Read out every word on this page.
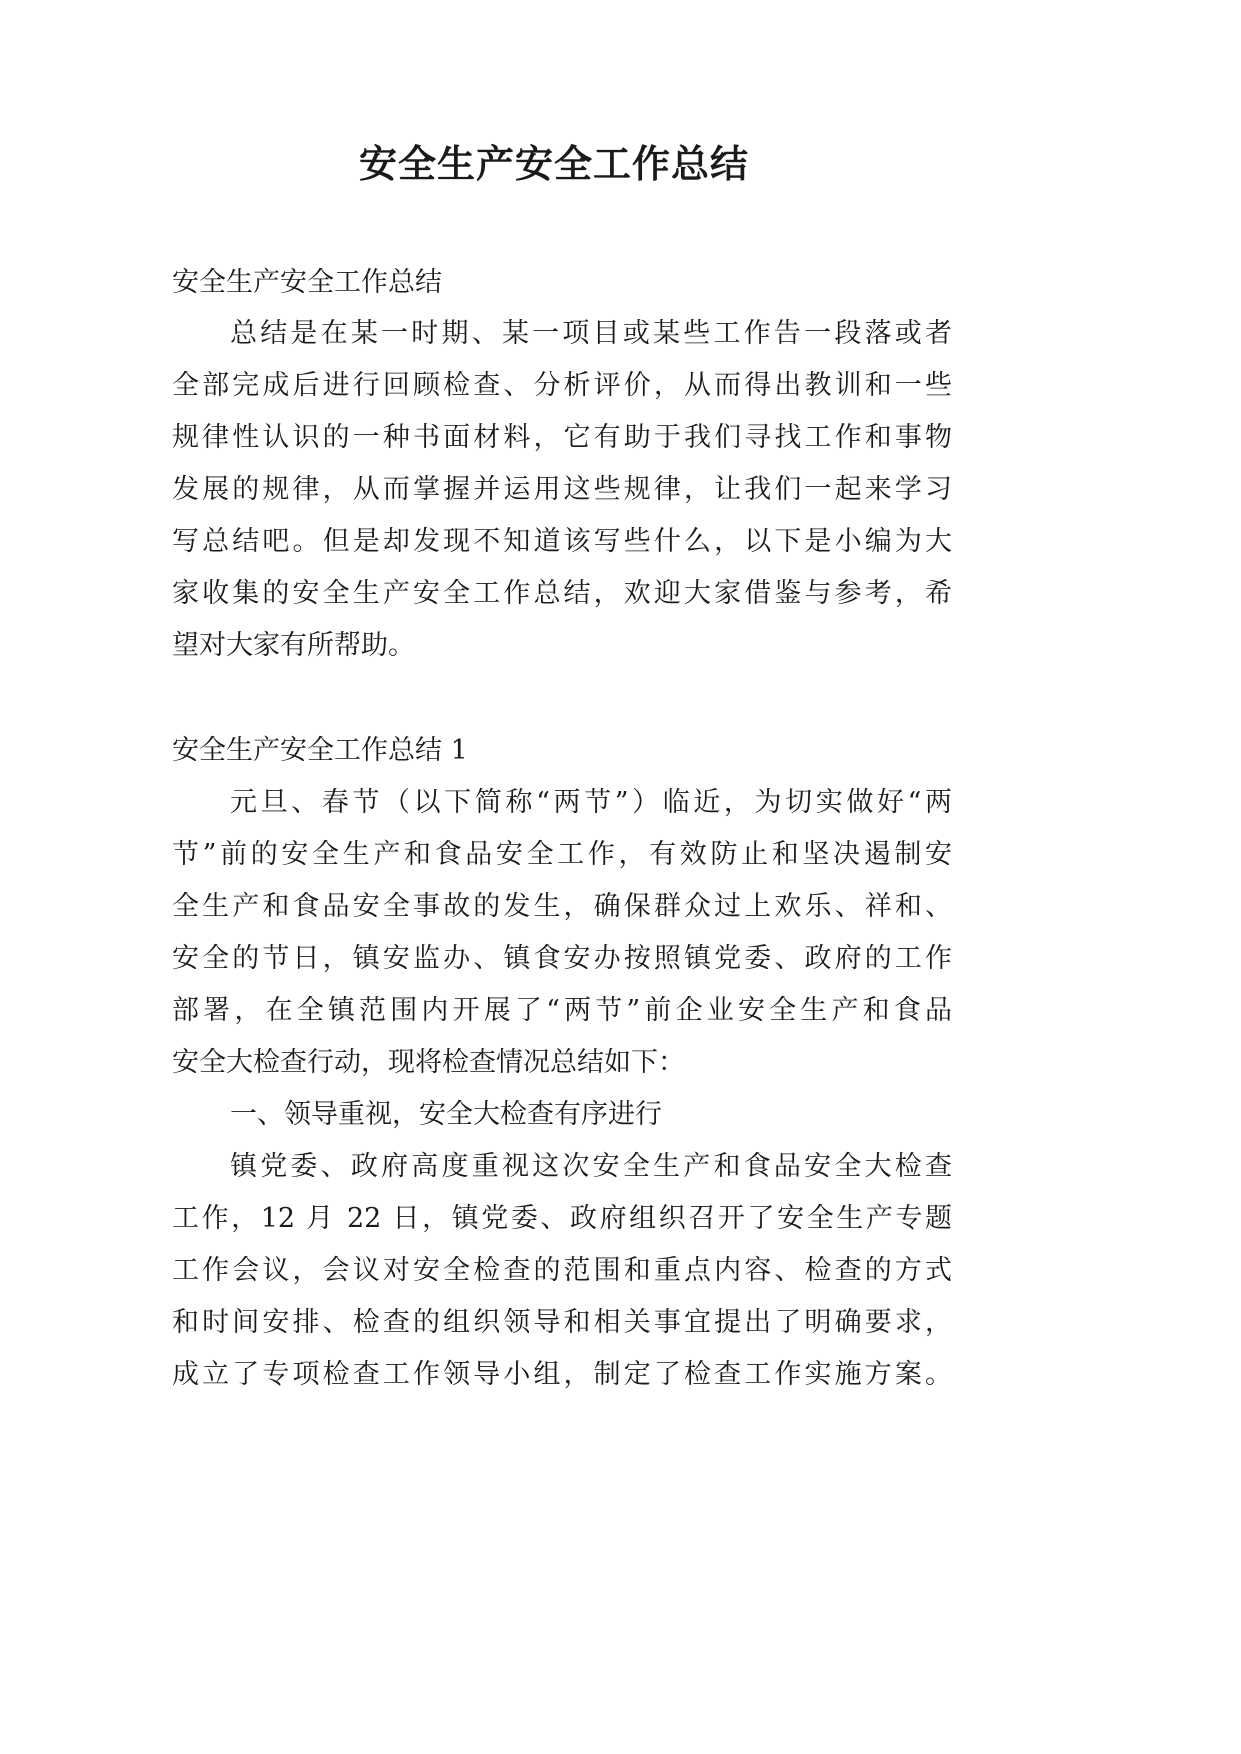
安全生产安全工作总结
安全生产安全工作总结
总结是在某一时期、某一项目或某些工作告一段落或者
全部完成后进行回顾检查、分析评价，从而得出教训和一些
规律性认识的一种书面材料，它有助于我们寻找工作和事物
发展的规律，从而掌握并运用这些规律，让我们一起来学习
写总结吧。但是却发现不知道该写些什么，以下是小编为大
家收集的安全生产安全工作总结，欢迎大家借鉴与参考，希
望对大家有所帮助。
安全生产安全工作总结 1
元旦、春节（以下简称“两节”）临近，为切实做好“两
节”前的安全生产和食品安全工作，有效防止和坚决遏制安
全生产和食品安全事故的发生，确保群众过上欢乐、祥和、
安全的节日，镇安监办、镇食安办按照镇党委、政府的工作
部署，在全镇范围内开展了“两节”前企业安全生产和食品
安全大检查行动，现将检查情况总结如下：
一、领导重视，安全大检查有序进行
镇党委、政府高度重视这次安全生产和食品安全大检查
工作，12 月 22 日，镇党委、政府组织召开了安全生产专题
工作会议，会议对安全检查的范围和重点内容、检查的方式
和时间安排、检查的组织领导和相关事宜提出了明确要求，
成立了专项检查工作领导小组，制定了检查工作实施方案。
